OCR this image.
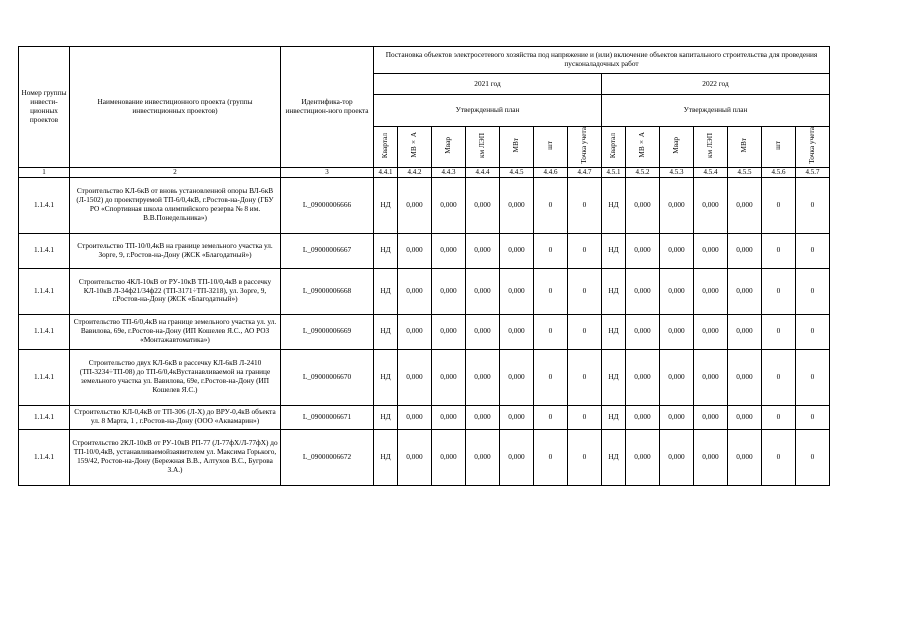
Номер группы инвести-ционных проектов	Наименование инвестиционного проекта (группы инвестиционных проектов)	Идентифика-тор инвестицион-ного проекта	Постановка объектов электросетевого хозяйства под напряжение и (или) включение объектов капитального строительства для проведения пусконаладочных работ													
			2021 год							2022 год						
			Утвержденный план							Утвержденный план						
			Квартал	МВ×А	Мвар	км ЛЭП	МВт	шт	Точка учета	Квартал	МВ×А	Мвар	км ЛЭП	МВт	шт	Точка учета
1	2	3	4.4.1	4.4.2	4.4.3	4.4.4	4.4.5	4.4.6	4.4.7	4.5.1	4.5.2	4.5.3	4.5.4	4.5.5	4.5.6	4.5.7
1.1.4.1	Строительство КЛ-6кВ от вновь установленной опоры ВЛ-6кВ (Л-1502) до проектируемой ТП-6/0,4кВ, г.Ростов-на-Дону (ГБУ РО «Спортивная школа олимпийского резерва № 8 им. В.В.Понедельника»)	L_09000006666	НД	0,000	0,000	0,000	0,000	0	0	НД	0,000	0,000	0,000	0,000	0	0
1.1.4.1	Строительство ТП-10/0,4кВ на границе земельного участка ул. Зорге, 9, г.Ростов-на-Дону (ЖСК «Благодатный»)	L_09000006667	НД	0,000	0,000	0,000	0,000	0	0	НД	0,000	0,000	0,000	0,000	0	0
1.1.4.1	Строительство 4КЛ-10кВ от РУ-10кВ ТП-10/0,4кВ в рассечку КЛ-10кВ Л-34ф21/34ф22 (ТП-3171÷ТП-3218), ул. Зорге, 9, г.Ростов-на-Дону (ЖСК «Благодатный»)	L_09000006668	НД	0,000	0,000	0,000	0,000	0	0	НД	0,000	0,000	0,000	0,000	0	0
1.1.4.1	Строительство ТП-6/0,4кВ на границе земельного участка ул. ул. Вавилова, 69е, г.Ростов-на-Дону (ИП Кошелев Я.С., АО РОЗ «Монтажавтоматика»)	L_09000006669	НД	0,000	0,000	0,000	0,000	0	0	НД	0,000	0,000	0,000	0,000	0	0
1.1.4.1	Строительство двух КЛ-6кВ в рассечку КЛ-6кВ Л-2410 (ТП-3234÷ТП-08) до ТП-6/0,4кВустанавливаемой на границе земельного участка ул. Вавилова, 69е, г.Ростов-на-Дону (ИП Кошелев Я.С.)	L_09000006670	НД	0,000	0,000	0,000	0,000	0	0	НД	0,000	0,000	0,000	0,000	0	0
1.1.4.1	Строительство КЛ-0,4кВ от ТП-306 (Л-Х) до ВРУ-0,4кВ объекта ул. 8 Марта, 1 , г.Ростов-на-Дону (ООО «Аквамарин»)	L_09000006671	НД	0,000	0,000	0,000	0,000	0	0	НД	0,000	0,000	0,000	0,000	0	0
1.1.4.1	Строительство 2КЛ-10кВ от РУ-10кВ РП-77 (Л-77фХ/Л-77фХ) до ТП-10/0,4кВ, устанавливаемойзаявителем ул. Максима Горького, 159/42, Ростов-на-Дону (Бережная В.В., Алтухов В.С., Бугрова З.А.)	L_09000006672	НД	0,000	0,000	0,000	0,000	0	0	НД	0,000	0,000	0,000	0,000	0	0
